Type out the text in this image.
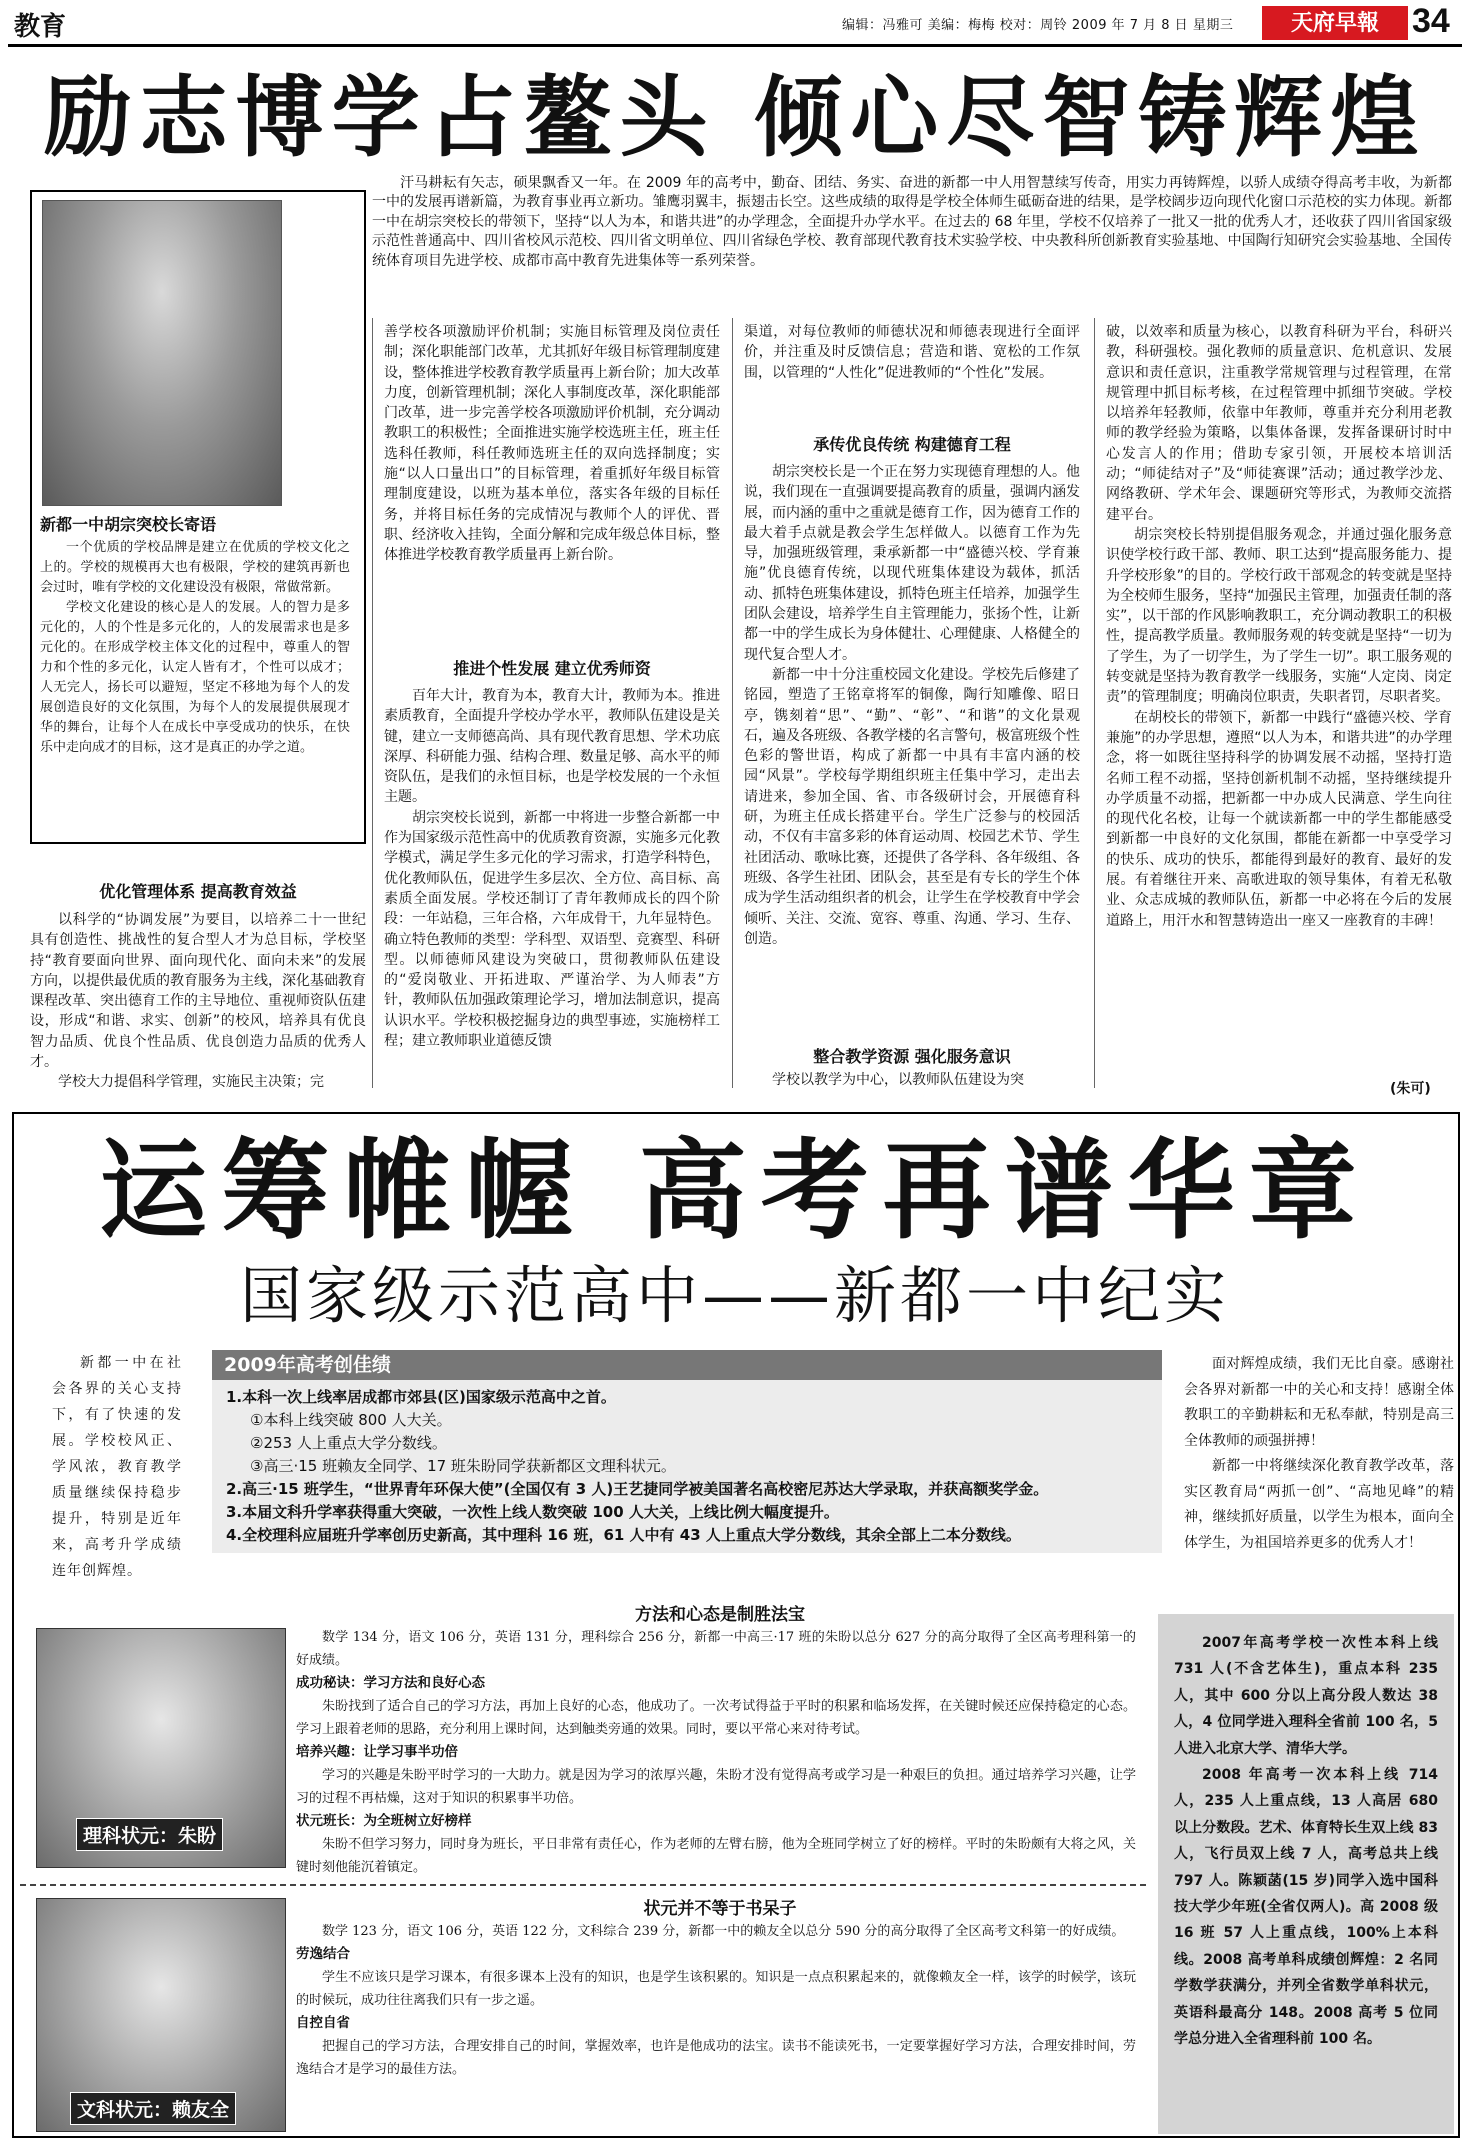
教育	编辑：冯雅可 美编：梅梅 校对：周铃 2009 年 7 月 8 日 星期三	天府早報 34
励志博学占鳌头 倾心尽智铸辉煌
汗马耕耘有矢志，硕果飘香又一年。在 2009 年的高考中，勤奋、团结、务实、奋进的新都一中人用智慧续写传奇，用实力再铸辉煌，以骄人成绩夺得高考丰收，为新都一中的发展再谱新篇，为教育事业再立新功。雏鹰羽翼丰，振翅击长空。这些成绩的取得是学校全体师生砥砺奋进的结果，是学校阔步迈向现代化窗口示范校的实力体现。新都一中在胡宗突校长的带领下，坚持“以人为本，和谐共进”的办学理念，全面提升办学水平。在过去的 68 年里，学校不仅培养了一批又一批的优秀人才，还收获了四川省国家级示范性普通高中、四川省校风示范校、四川省文明单位、四川省绿色学校、教育部现代教育技术实验学校、中央教科所创新教育实验基地、中国陶行知研究会实验基地、全国传统体育项目先进学校、成都市高中教育先进集体等一系列荣誉。
新都一中胡宗突校长寄语

一个优质的学校品牌是建立在优质的学校文化之上的。学校的规模再大也有极限，学校的建筑再新也会过时，唯有学校的文化建设没有极限，常做常新。

学校文化建设的核心是人的发展。人的智力是多元化的，人的个性是多元化的，人的发展需求也是多元化的。在形成学校主体文化的过程中，尊重人的智力和个性的多元化，认定人皆有才，个性可以成才；人无完人，扬长可以避短，坚定不移地为每个人的发展创造良好的文化氛围，为每个人的发展提供展现才华的舞台，让每个人在成长中享受成功的快乐，在快乐中走向成才的目标，这才是真正的办学之道。

优化管理体系 提高教育效益

以科学的“协调发展”为要目，以培养二十一世纪具有创造性、挑战性的复合型人才为总目标，学校坚持“教育要面向世界、面向现代化、面向未来”的发展方向，以提供最优质的教育服务为主线，深化基础教育课程改革、突出德育工作的主导地位、重视师资队伍建设，形成“和谐、求实、创新”的校风，培养具有优良智力品质、优良个性品质、优良创造力品质的优秀人才。

学校大力提倡科学管理，实施民主决策；完

善学校各项激励评价机制；实施目标管理及岗位责任制；深化职能部门改革，尤其抓好年级目标管理制度建设，整体推进学校教育教学质量再上新台阶；加大改革力度，创新管理机制；深化人事制度改革，深化职能部门改革，进一步完善学校各项激励评价机制，充分调动教职工的积极性；全面推进实施学校选班主任，班主任选科任教师，科任教师选班主任的双向选择制度；实施“以人口量出口”的目标管理，着重抓好年级目标管理制度建设，以班为基本单位，落实各年级的目标任务，并将目标任务的完成情况与教师个人的评优、晋职、经济收入挂钩，全面分解和完成年级总体目标，整体推进学校教育教学质量再上新台阶。
推进个性发展 建立优秀师资

百年大计，教育为本，教育大计，教师为本。推进素质教育，全面提升学校办学水平，教师队伍建设是关键，建立一支师德高尚、具有现代教育思想、学术功底深厚、科研能力强、结构合理、数量足够、高水平的师资队伍，是我们的永恒目标，也是学校发展的一个永恒主题。

胡宗突校长说到，新都一中将进一步整合新都一中作为国家级示范性高中的优质教育资源，实施多元化教学模式，满足学生多元化的学习需求，打造学科特色，优化教师队伍，促进学生多层次、全方位、高目标、高素质全面发展。学校还制订了青年教师成长的四个阶段：一年站稳，三年合格，六年成骨干，九年显特色。确立特色教师的类型：学科型、双语型、竞赛型、科研型。以师德师风建设为突破口，贯彻教师队伍建设的“爱岗敬业、开拓进取、严谨治学、为人师表”方针，教师队伍加强政策理论学习，增加法制意识，提高认识水平。学校积极挖掘身边的典型事迹，实施榜样工程；建立教师职业道德反馈

渠道，对每位教师的师德状况和师德表现进行全面评价，并注重及时反馈信息；营造和谐、宽松的工作氛围，以管理的“人性化”促进教师的“个性化”发展。
承传优良传统 构建德育工程

胡宗突校长是一个正在努力实现德育理想的人。他说，我们现在一直强调要提高教育的质量，强调内涵发展，而内涵的重中之重就是德育工作，因为德育工作的最大着手点就是教会学生怎样做人。以德育工作为先导，加强班级管理，秉承新都一中“盛德兴校、学育兼施”优良德育传统，以现代班集体建设为载体，抓活动、抓特色班集体建设，抓特色班主任培养，加强学生团队会建设，培养学生自主管理能力，张扬个性，让新都一中的学生成长为身体健壮、心理健康、人格健全的现代复合型人才。

新都一中十分注重校园文化建设。学校先后修建了铭园，塑造了王铭章将军的铜像，陶行知雕像、昭日亭，镌刻着“思”、“勤”、“彰”、“和谐”的文化景观石，遍及各班级、各教学楼的名言警句，极富班级个性色彩的警世语，构成了新都一中具有丰富内涵的校园“风景”。学校每学期组织班主任集中学习，走出去请进来，参加全国、省、市各级研讨会，开展德育科研，为班主任成长搭建平台。学生广泛参与的校园活动，不仅有丰富多彩的体育运动周、校园艺术节、学生社团活动、歌咏比赛，还提供了各学科、各年级组、各班级、各学生社团、团队会，甚至是有专长的学生个体成为学生活动组织者的机会，让学生在学校教育中学会倾听、关注、交流、宽容、尊重、沟通、学习、生存、创造。

整合教学资源 强化服务意识

学校以教学为中心，以教师队伍建设为突

破，以效率和质量为核心，以教育科研为平台，科研兴教，科研强校。强化教师的质量意识、危机意识、发展意识和责任意识，注重教学常规管理与过程管理，在常规管理中抓目标考核，在过程管理中抓细节突破。学校以培养年轻教师，依靠中年教师，尊重并充分利用老教师的教学经验为策略，以集体备课，发挥备课研讨时中心发言人的作用；借助专家引领，开展校本培训活动；“师徒结对子”及“师徒赛课”活动；通过教学沙龙、网络教研、学术年会、课题研究等形式，为教师交流搭建平台。

胡宗突校长特别提倡服务观念，并通过强化服务意识使学校行政干部、教师、职工达到“提高服务能力、提升学校形象”的目的。学校行政干部观念的转变就是坚持为全校师生服务，坚持“加强民主管理，加强责任制的落实”，以干部的作风影响教职工，充分调动教职工的积极性，提高教学质量。教师服务观的转变就是坚持“一切为了学生，为了一切学生，为了学生一切”。职工服务观的转变就是坚持为教育教学一线服务，实施“人定岗、岗定责”的管理制度；明确岗位职责，失职者罚，尽职者奖。

在胡校长的带领下，新都一中践行“盛德兴校、学育兼施”的办学思想，遵照“以人为本，和谐共进”的办学理念，将一如既往坚持科学的协调发展不动摇，坚持打造名师工程不动摇，坚持创新机制不动摇，坚持继续提升办学质量不动摇，把新都一中办成人民满意、学生向往的现代化名校，让每一个就读新都一中的学生都能感受到新都一中良好的文化氛围，都能在新都一中享受学习的快乐、成功的快乐，都能得到最好的教育、最好的发展。有着继往开来、高歌进取的领导集体，有着无私敬业、众志成城的教师队伍，新都一中必将在今后的发展道路上，用汗水和智慧铸造出一座又一座教育的丰碑！

(朱可)
运筹帷幄 高考再谱华章
国家级示范高中——新都一中纪实
新都一中在社会各界的关心支持下，有了快速的发展。学校校风正、学风浓，教育教学质量继续保持稳步提升，特别是近年来，高考升学成绩连年创辉煌。
2009年高考创佳绩
1.本科一次上线率居成都市郊县(区)国家级示范高中之首。
①本科上线突破 800 人大关。
②253 人上重点大学分数线。
③高三·15 班赖友全同学、17 班朱盼同学获新都区文理科状元。
2.高三·15 班学生，“世界青年环保大使”(全国仅有 3 人)王艺捷同学被美国著名高校密尼苏达大学录取，并获高额奖学金。
3.本届文科升学率获得重大突破，一次性上线人数突破 100 人大关，上线比例大幅度提升。
4.全校理科应届班升学率创历史新高，其中理科 16 班，61 人中有 43 人上重点大学分数线，其余全部上二本分数线。

面对辉煌成绩，我们无比自豪。感谢社会各界对新都一中的关心和支持！感谢全体教职工的辛勤耕耘和无私奉献，特别是高三全体教师的顽强拼搏！

新都一中将继续深化教育教学改革，落实区教育局“两抓一创”、“高地见峰”的精神，继续抓好质量，以学生为根本，面向全体学生，为祖国培养更多的优秀人才！

2007年高考学校一次性本科上线 731 人(不含艺体生)，重点本科 235 人，其中 600 分以上高分段人数达 38 人，4 位同学进入理科全省前 100 名，5 人进入北京大学、清华大学。

2008 年高考一次本科上线 714 人，235 人上重点线，13 人高居 680 以上分数段。艺术、体育特长生双上线 83 人，飞行员双上线 7 人，高考总共上线 797 人。陈颖菡(15 岁)同学入选中国科技大学少年班(全省仅两人)。高 2008 级 16 班 57 人上重点线，100%上本科线。2008 高考单科成绩创辉煌：2 名同学数学获满分，并列全省数学单科状元，英语科最高分 148。2008 高考 5 位同学总分进入全省理科前 100 名。

方法和心态是制胜法宝
理科状元：朱盼

数学 134 分，语文 106 分，英语 131 分，理科综合 256 分，新都一中高三·17 班的朱盼以总分 627 分的高分取得了全区高考理科第一的好成绩。

成功秘诀：学习方法和良好心态

朱盼找到了适合自己的学习方法，再加上良好的心态，他成功了。一次考试得益于平时的积累和临场发挥，在关键时候还应保持稳定的心态。学习上跟着老师的思路，充分利用上课时间，达到触类旁通的效果。同时，要以平常心来对待考试。

培养兴趣：让学习事半功倍

学习的兴趣是朱盼平时学习的一大助力。就是因为学习的浓厚兴趣，朱盼才没有觉得高考或学习是一种艰巨的负担。通过培养学习兴趣，让学习的过程不再枯燥，这对于知识的积累事半功倍。

状元班长：为全班树立好榜样

朱盼不但学习努力，同时身为班长，平日非常有责任心，作为老师的左臂右膀，他为全班同学树立了好的榜样。平时的朱盼颇有大将之风，关键时刻他能沉着镇定。

状元并不等于书呆子
文科状元：赖友全

数学 123 分，语文 106 分，英语 122 分，文科综合 239 分，新都一中的赖友全以总分 590 分的高分取得了全区高考文科第一的好成绩。

劳逸结合

学生不应该只是学习课本，有很多课本上没有的知识，也是学生该积累的。知识是一点点积累起来的，就像赖友全一样，该学的时候学，该玩的时候玩，成功往往离我们只有一步之遥。

自控自省

把握自己的学习方法，合理安排自己的时间，掌握效率，也许是他成功的法宝。读书不能读死书，一定要掌握好学习方法，合理安排时间，劳逸结合才是学习的最佳方法。
